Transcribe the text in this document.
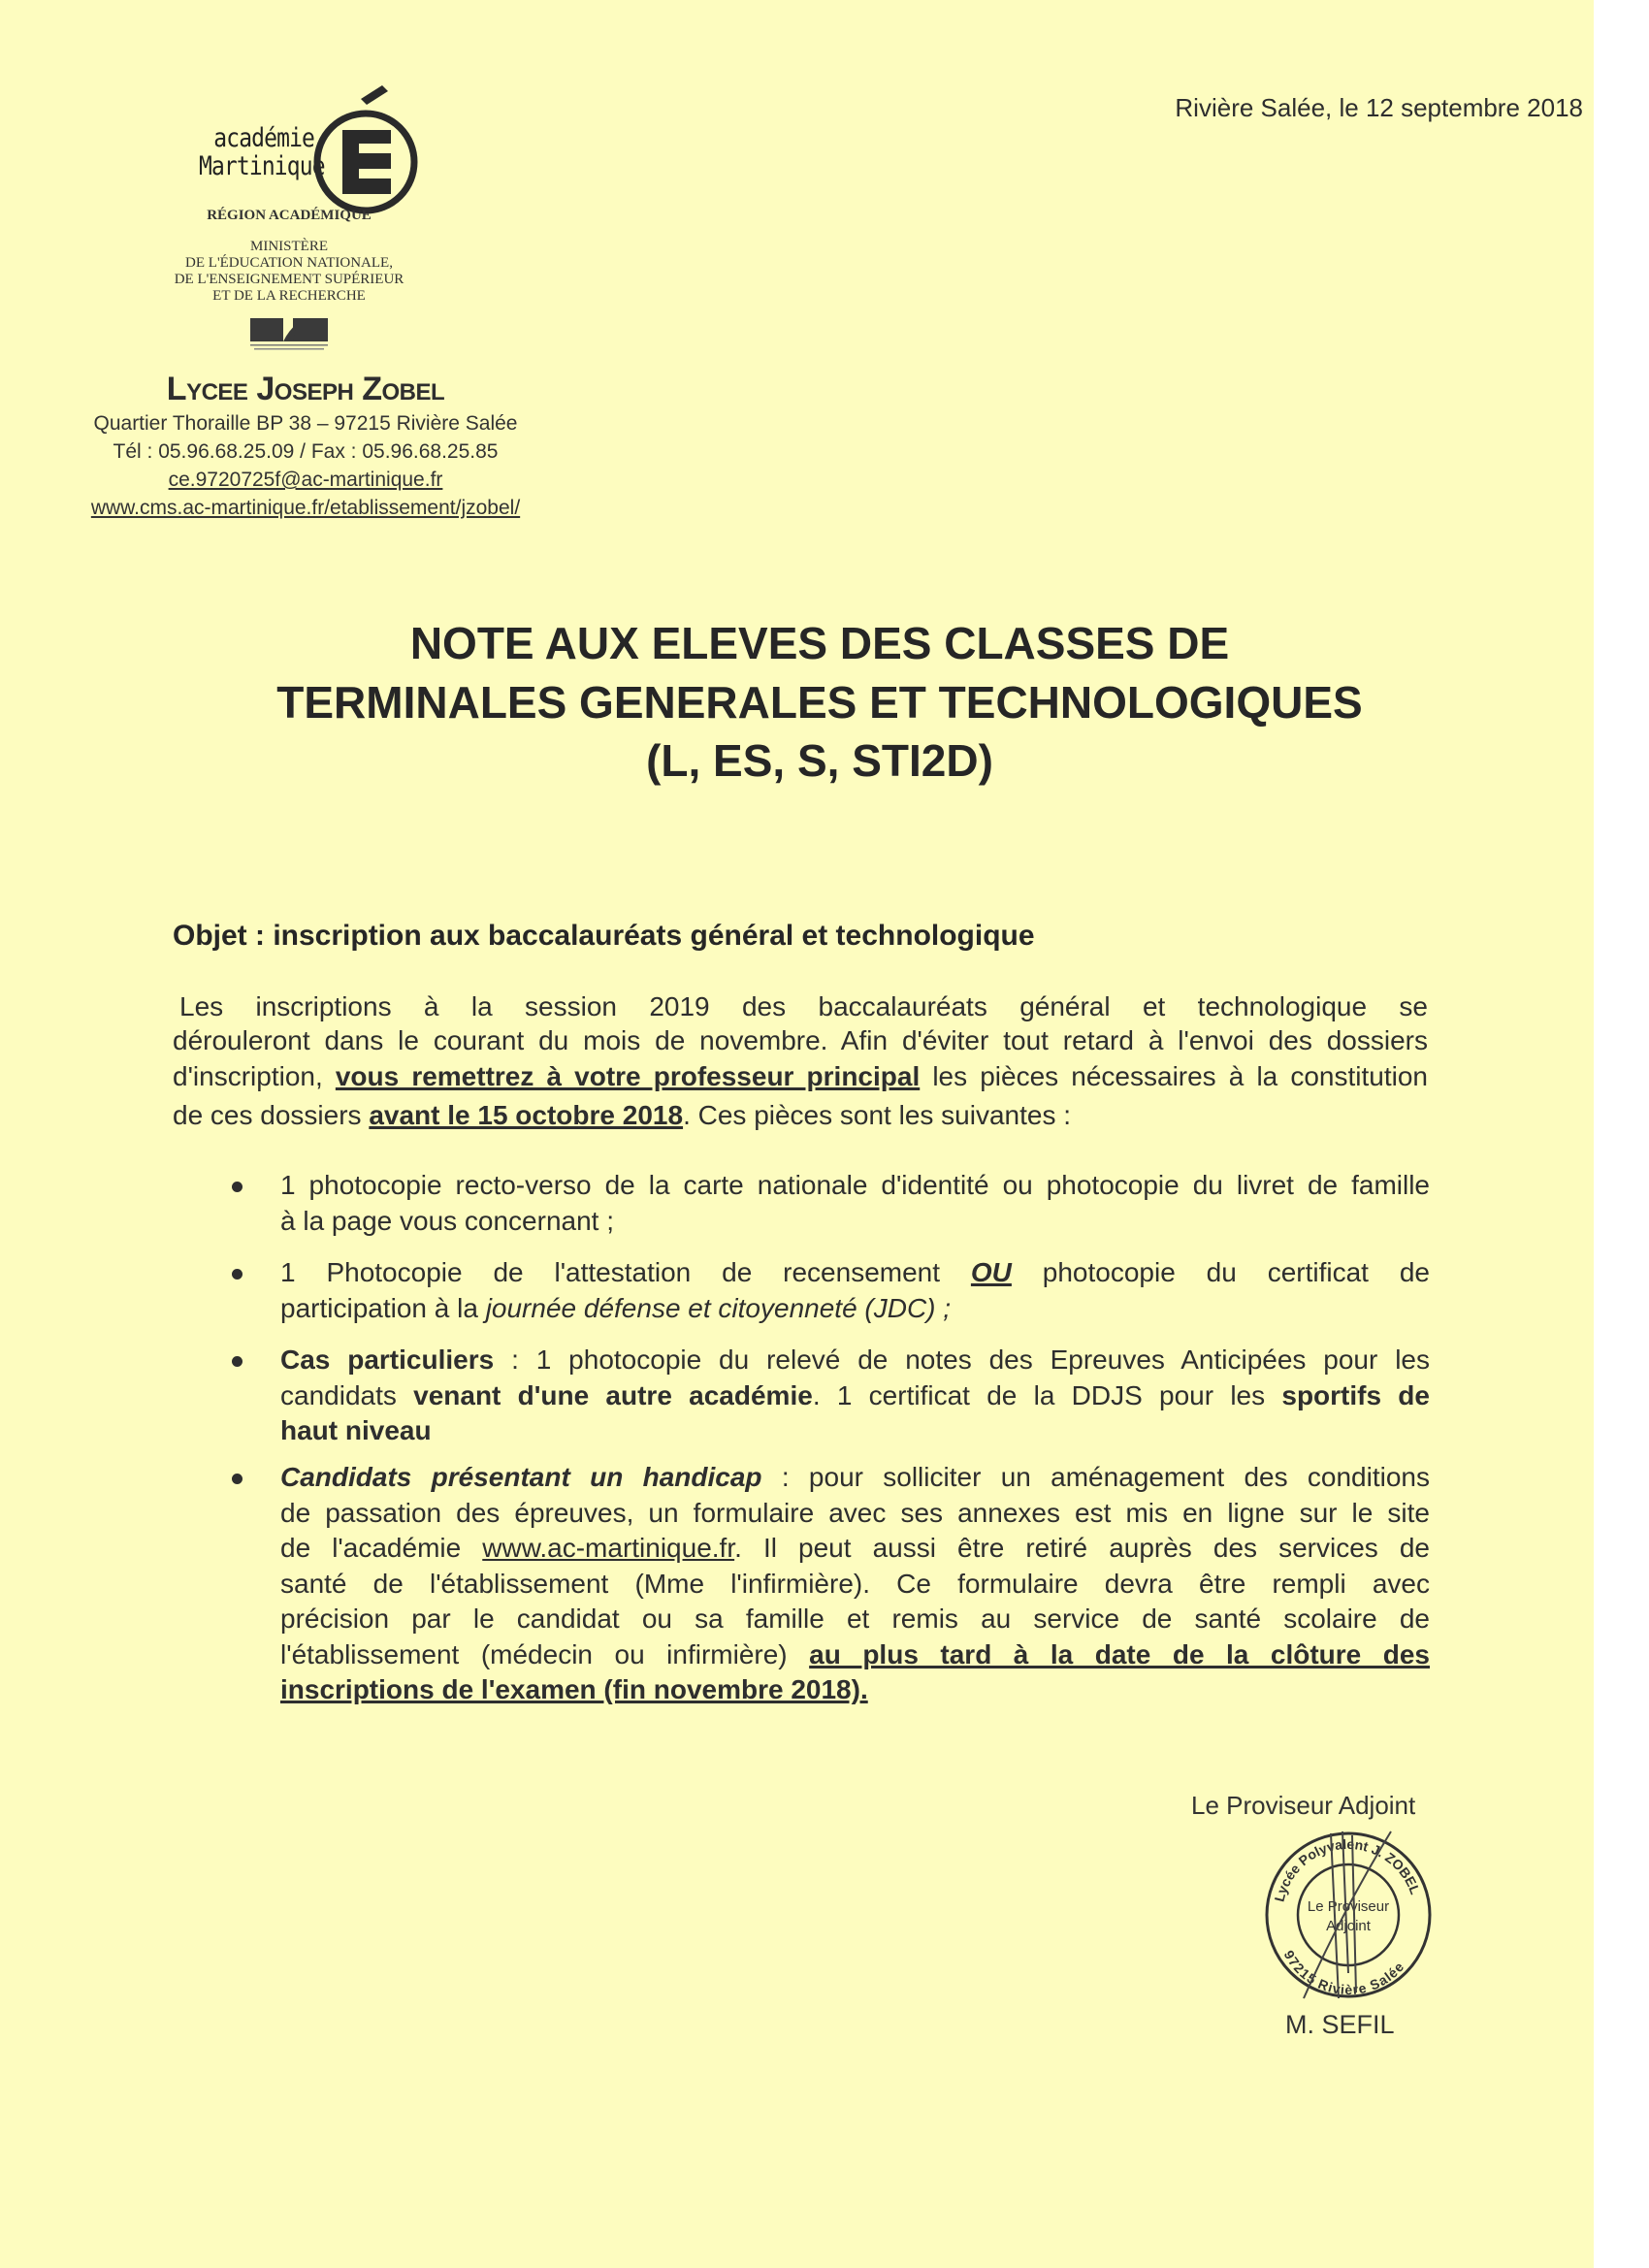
Rivière Salée, le 12 septembre 2018
académie
Martinique
RÉGION ACADÉMIQUE
MINISTÈRE
DE L'ÉDUCATION NATIONALE,
DE L'ENSEIGNEMENT SUPÉRIEUR
ET DE LA RECHERCHE
Lycee Joseph Zobel
Quartier Thoraille BP 38 – 97215 Rivière Salée
Tél : 05.96.68.25.09 / Fax : 05.96.68.25.85
ce.9720725f@ac-martinique.fr
www.cms.ac-martinique.fr/etablissement/jzobel/
NOTE AUX ELEVES DES CLASSES DE
TERMINALES GENERALES ET TECHNOLOGIQUES
(L, ES, S, STI2D)
Objet : inscription aux baccalauréats général et technologique
Les inscriptions à la session 2019 des baccalauréats général et technologique se
dérouleront dans le courant du mois de novembre. Afin d'éviter tout retard à l'envoi des dossiers
d'inscription, vous remettrez à votre professeur principal les pièces nécessaires à la constitution
de ces dossiers avant le 15 octobre 2018. Ces pièces sont les suivantes :
1 photocopie recto-verso de la carte nationale d'identité ou photocopie du livret de famille
à la page vous concernant ;
1 Photocopie de l'attestation de recensement OU photocopie du certificat de
participation à la journée défense et citoyenneté (JDC) ;
Cas particuliers : 1 photocopie du relevé de notes des Epreuves Anticipées pour les
candidats venant d'une autre académie. 1 certificat de la DDJS pour les sportifs de
haut niveau
Candidats présentant un handicap : pour solliciter un aménagement des conditions
de passation des épreuves, un formulaire avec ses annexes est mis en ligne sur le site
de l'académie www.ac-martinique.fr. Il peut aussi être retiré auprès des services de
santé de l'établissement (Mme l'infirmière). Ce formulaire devra être rempli avec
précision par le candidat ou sa famille et remis au service de santé scolaire de
l'établissement (médecin ou infirmière) au plus tard à la date de la clôture des
inscriptions de l'examen (fin novembre 2018).
Le Proviseur Adjoint
Lycée Polyvalent J. ZOBEL
97215 Rivière Salée
Le Proviseur
Adjoint
M. SEFIL
